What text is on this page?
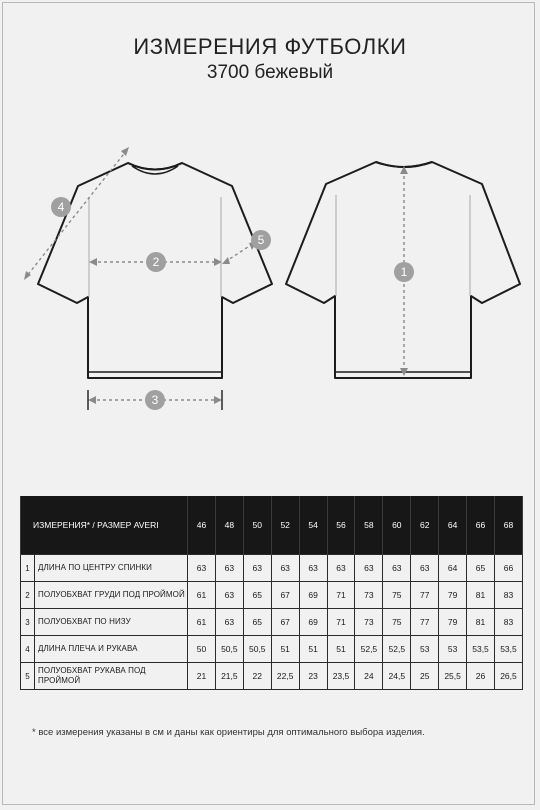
ИЗМЕРЕНИЯ ФУТБОЛКИ
3700 бежевый
1
2
3
4
5
ИЗМЕРЕНИЯ* / РАЗМЕР AVERI		46	48	50	52	54	56	58	60	62	64	66	68
1	ДЛИНА ПО ЦЕНТРУ СПИНКИ	63	63	63	63	63	63	63	63	63	64	65	66
2	ПОЛУОБХВАТ ГРУДИ ПОД ПРОЙМОЙ	61	63	65	67	69	71	73	75	77	79	81	83
3	ПОЛУОБХВАТ ПО НИЗУ	61	63	65	67	69	71	73	75	77	79	81	83
4	ДЛИНА ПЛЕЧА И РУКАВА	50	50,5	50,5	51	51	51	52,5	52,5	53	53	53,5	53,5
5	ПОЛУОБХВАТ РУКАВА ПОД ПРОЙМОЙ	21	21,5	22	22,5	23	23,5	24	24,5	25	25,5	26	26,5
* все измерения указаны в см и даны как ориентиры для оптимального выбора изделия.
